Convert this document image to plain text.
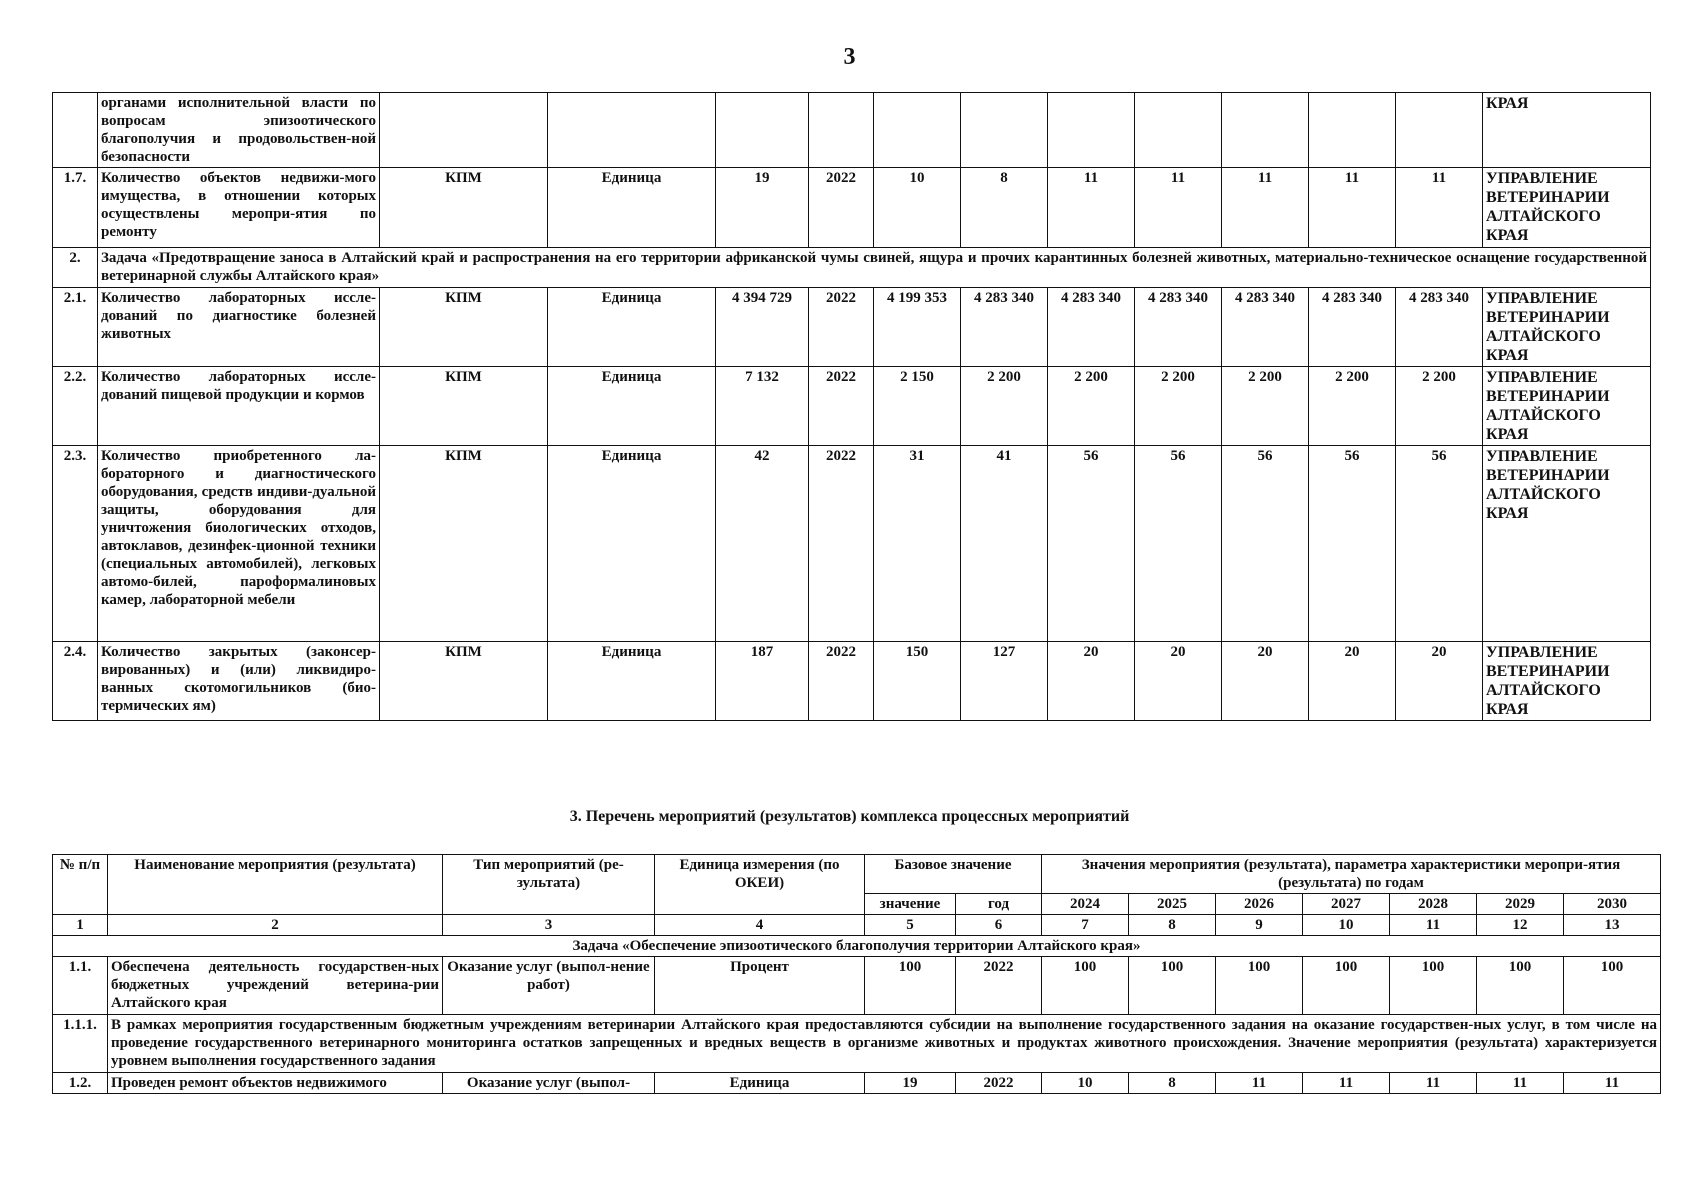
3
	органами исполнительной власти по вопросам эпизоотического благополучия и продовольствен-ной безопасности												КРАЯ
1.7.	Количество объектов недвижи-мого имущества, в отношении которых осуществлены меропри-ятия по ремонту	КПМ	Единица	19	2022	10	8	11	11	11	11	11	УПРАВЛЕНИЕ ВЕТЕРИНАРИИ АЛТАЙСКОГО КРАЯ
2.	Задача «Предотвращение заноса в Алтайский край и распространения на его территории африканской чумы свиней, ящура и прочих карантинных болезней животных, материально-техническое оснащение государственной ветеринарной службы Алтайского края»												
2.1.	Количество лабораторных иссле-дований по диагностике болезней животных	КПМ	Единица	4 394 729	2022	4 199 353	4 283 340	4 283 340	4 283 340	4 283 340	4 283 340	4 283 340	УПРАВЛЕНИЕ ВЕТЕРИНАРИИ АЛТАЙСКОГО КРАЯ
2.2.	Количество лабораторных иссле-дований пищевой продукции и кормов	КПМ	Единица	7 132	2022	2 150	2 200	2 200	2 200	2 200	2 200	2 200	УПРАВЛЕНИЕ ВЕТЕРИНАРИИ АЛТАЙСКОГО КРАЯ
2.3.	Количество приобретенного ла-бораторного и диагностического оборудования, средств индиви-дуальной защиты, оборудования для уничтожения биологических отходов, автоклавов, дезинфек-ционной техники (специальных автомобилей), легковых автомо-билей, пароформалиновых камер, лабораторной мебели	КПМ	Единица	42	2022	31	41	56	56	56	56	56	УПРАВЛЕНИЕ ВЕТЕРИНАРИИ АЛТАЙСКОГО КРАЯ
2.4.	Количество закрытых (законсер-вированных) и (или) ликвидиро-ванных скотомогильников (био-термических ям)	КПМ	Единица	187	2022	150	127	20	20	20	20	20	УПРАВЛЕНИЕ ВЕТЕРИНАРИИ АЛТАЙСКОГО КРАЯ
3. Перечень мероприятий (результатов) комплекса процессных мероприятий
№ п/п	Наименование мероприятия (результата)	Тип мероприятий (ре-зультата)	Единица измерения (по ОКЕИ)	Базовое значение		Значения мероприятия (результата), параметра характеристики меропри-ятия (результата) по годам						
				значение	год	2024	2025	2026	2027	2028	2029	2030
1	2	3	4	5	6	7	8	9	10	11	12	13
Задача «Обеспечение эпизоотического благополучия территории Алтайского края»												
1.1.	Обеспечена деятельность государствен-ных бюджетных учреждений ветерина-рии Алтайского края	Оказание услуг (выпол-нение работ)	Процент	100	2022	100	100	100	100	100	100	100
1.1.1.	В рамках мероприятия государственным бюджетным учреждениям ветеринарии Алтайского края предоставляются субсидии на выполнение государственного задания на оказание государствен-ных услуг, в том числе на проведение государственного ветеринарного мониторинга остатков запрещенных и вредных веществ в организме животных и продуктах животного происхождения. Значение мероприятия (результата) характеризуется уровнем выполнения государственного задания											
1.2.	Проведен ремонт объектов недвижимого	Оказание услуг (выпол-	Единица	19	2022	10	8	11	11	11	11	11
